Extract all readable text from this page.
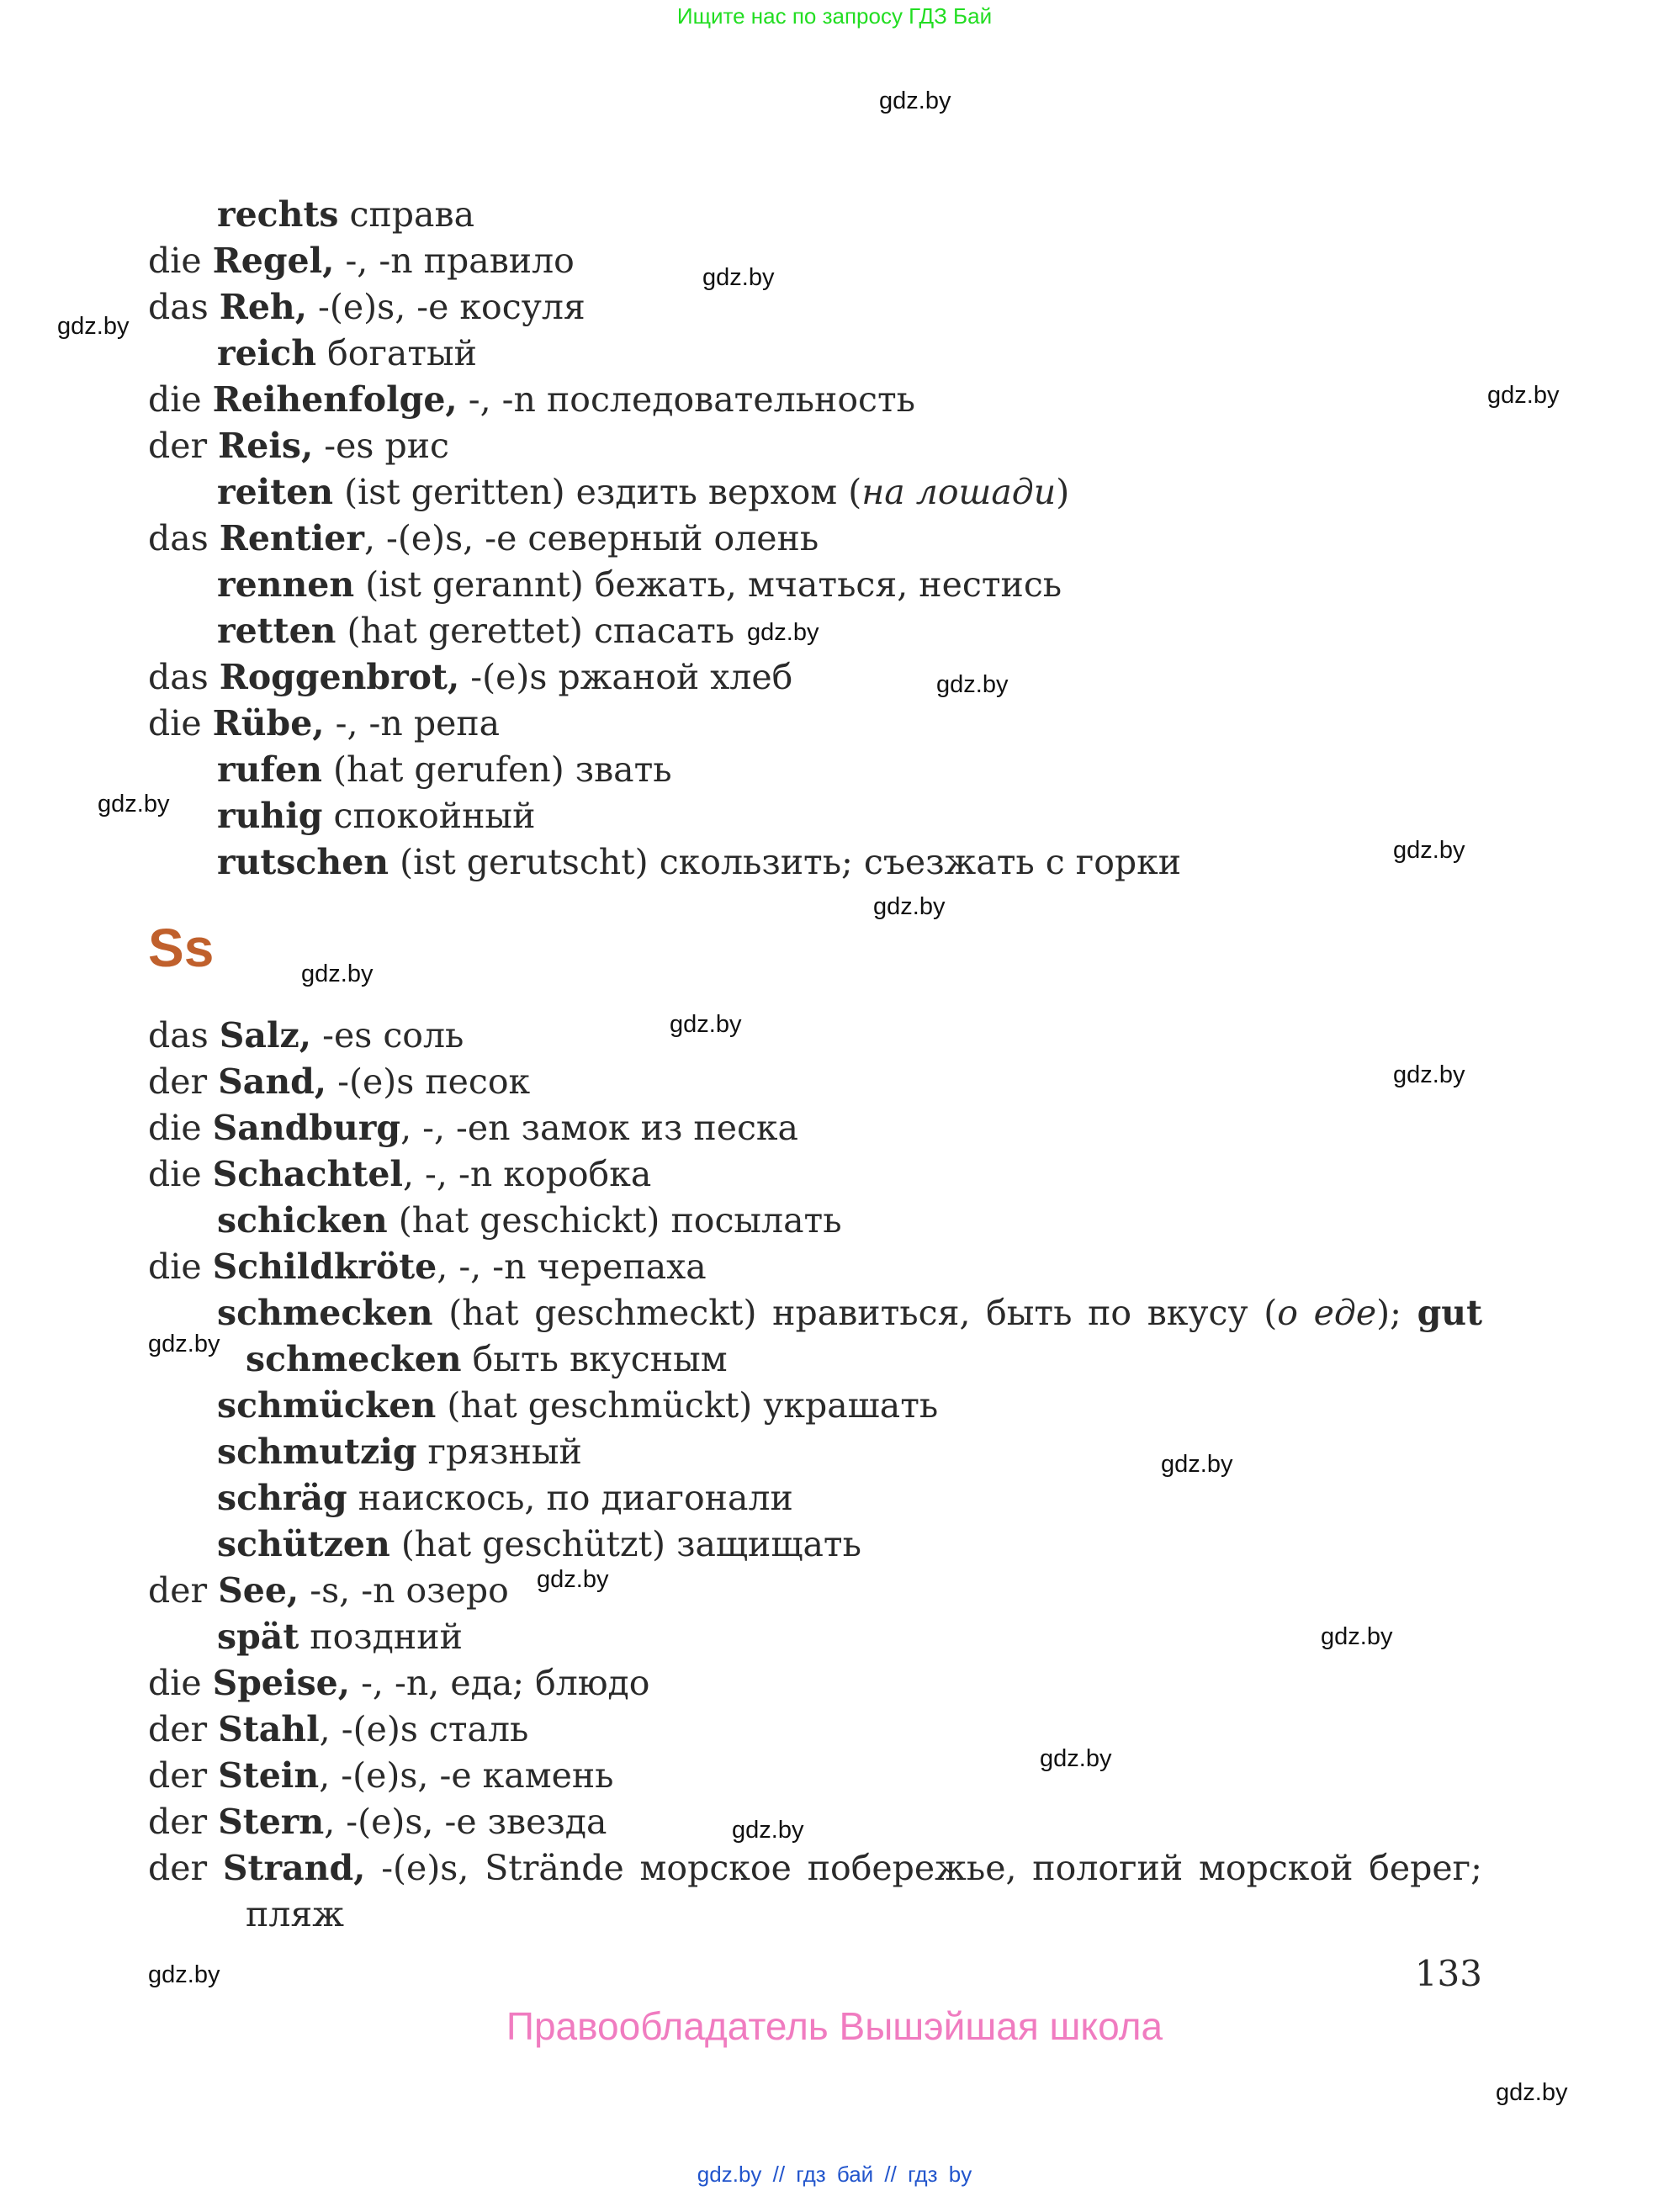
Ищите нас по запросу ГДЗ Бай
gdz.by
gdz.by
gdz.by
gdz.by
gdz.by
gdz.by
gdz.by
gdz.by
gdz.by
gdz.by
gdz.by
gdz.by
gdz.by
gdz.by
gdz.by
gdz.by
gdz.by
gdz.by
gdz.by
gdz.by
rechts справа
die Regel, -, -n правило
das Reh, -(e)s, -e косуля
reich богатый
die Reihenfolge, -, -n последовательность
der Reis, -es рис
reiten (ist geritten) ездить верхом (на лошади)
das Rentier, -(e)s, -e северный олень
rennen (ist gerannt) бежать, мчаться, нестись
retten (hat gerettet) спасать
das Roggenbrot, -(e)s ржаной хлеб
die Rübe, -, -n репа
rufen (hat gerufen) звать
ruhig спокойный
rutschen (ist gerutscht) скользить; съезжать с горки
Ss
das Salz, -es соль
der Sand, -(e)s песок
die Sandburg, -, -en замок из песка
die Schachtel, -, -n коробка
schicken (hat geschickt) посылать
die Schildkröte, -, -n черепаха
schmecken (hat geschmeckt) нравиться, быть по вкусу (о еде); gut
schmecken быть вкусным
schmücken (hat geschmückt) украшать
schmutzig грязный
schräg наискось, по диагонали
schützen (hat geschützt) защищать
der See, -s, -n озеро
spät поздний
die Speise, -, -n, еда; блюдо
der Stahl, -(e)s сталь
der Stein, -(e)s, -e камень
der Stern, -(e)s, -e звезда
der Strand, -(e)s, Strände морское побережье, пологий морской берег;
пляж
133
Правообладатель Вышэйшая школа
gdz.by // гдз бай // гдз by
